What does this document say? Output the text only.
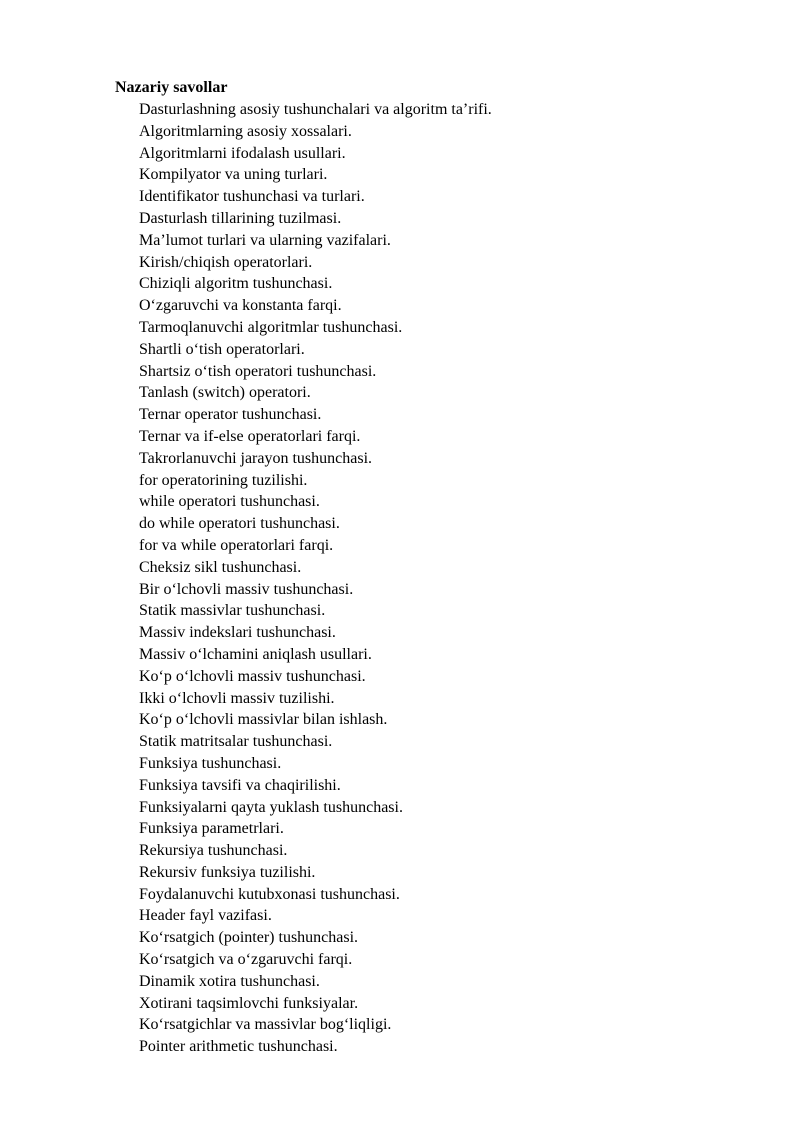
Nazariy savollar
Dasturlashning asosiy tushunchalari va algoritm ta’rifi.
Algoritmlarning asosiy xossalari.
Algoritmlarni ifodalash usullari.
Kompilyator va uning turlari.
Identifikator tushunchasi va turlari.
Dasturlash tillarining tuzilmasi.
Ma’lumot turlari va ularning vazifalari.
Kirish/chiqish operatorlari.
Chiziqli algoritm tushunchasi.
O‘zgaruvchi va konstanta farqi.
Tarmoqlanuvchi algoritmlar tushunchasi.
Shartli o‘tish operatorlari.
Shartsiz o‘tish operatori tushunchasi.
Tanlash (switch) operatori.
Ternar operator tushunchasi.
Ternar va if-else operatorlari farqi.
Takrorlanuvchi jarayon tushunchasi.
for operatorining tuzilishi.
while operatori tushunchasi.
do while operatori tushunchasi.
for va while operatorlari farqi.
Cheksiz sikl tushunchasi.
Bir o‘lchovli massiv tushunchasi.
Statik massivlar tushunchasi.
Massiv indekslari tushunchasi.
Massiv o‘lchamini aniqlash usullari.
Ko‘p o‘lchovli massiv tushunchasi.
Ikki o‘lchovli massiv tuzilishi.
Ko‘p o‘lchovli massivlar bilan ishlash.
Statik matritsalar tushunchasi.
Funksiya tushunchasi.
Funksiya tavsifi va chaqirilishi.
Funksiyalarni qayta yuklash tushunchasi.
Funksiya parametrlari.
Rekursiya tushunchasi.
Rekursiv funksiya tuzilishi.
Foydalanuvchi kutubxonasi tushunchasi.
Header fayl vazifasi.
Ko‘rsatgich (pointer) tushunchasi.
Ko‘rsatgich va o‘zgaruvchi farqi.
Dinamik xotira tushunchasi.
Xotirani taqsimlovchi funksiyalar.
Ko‘rsatgichlar va massivlar bog‘liqligi.
Pointer arithmetic tushunchasi.
